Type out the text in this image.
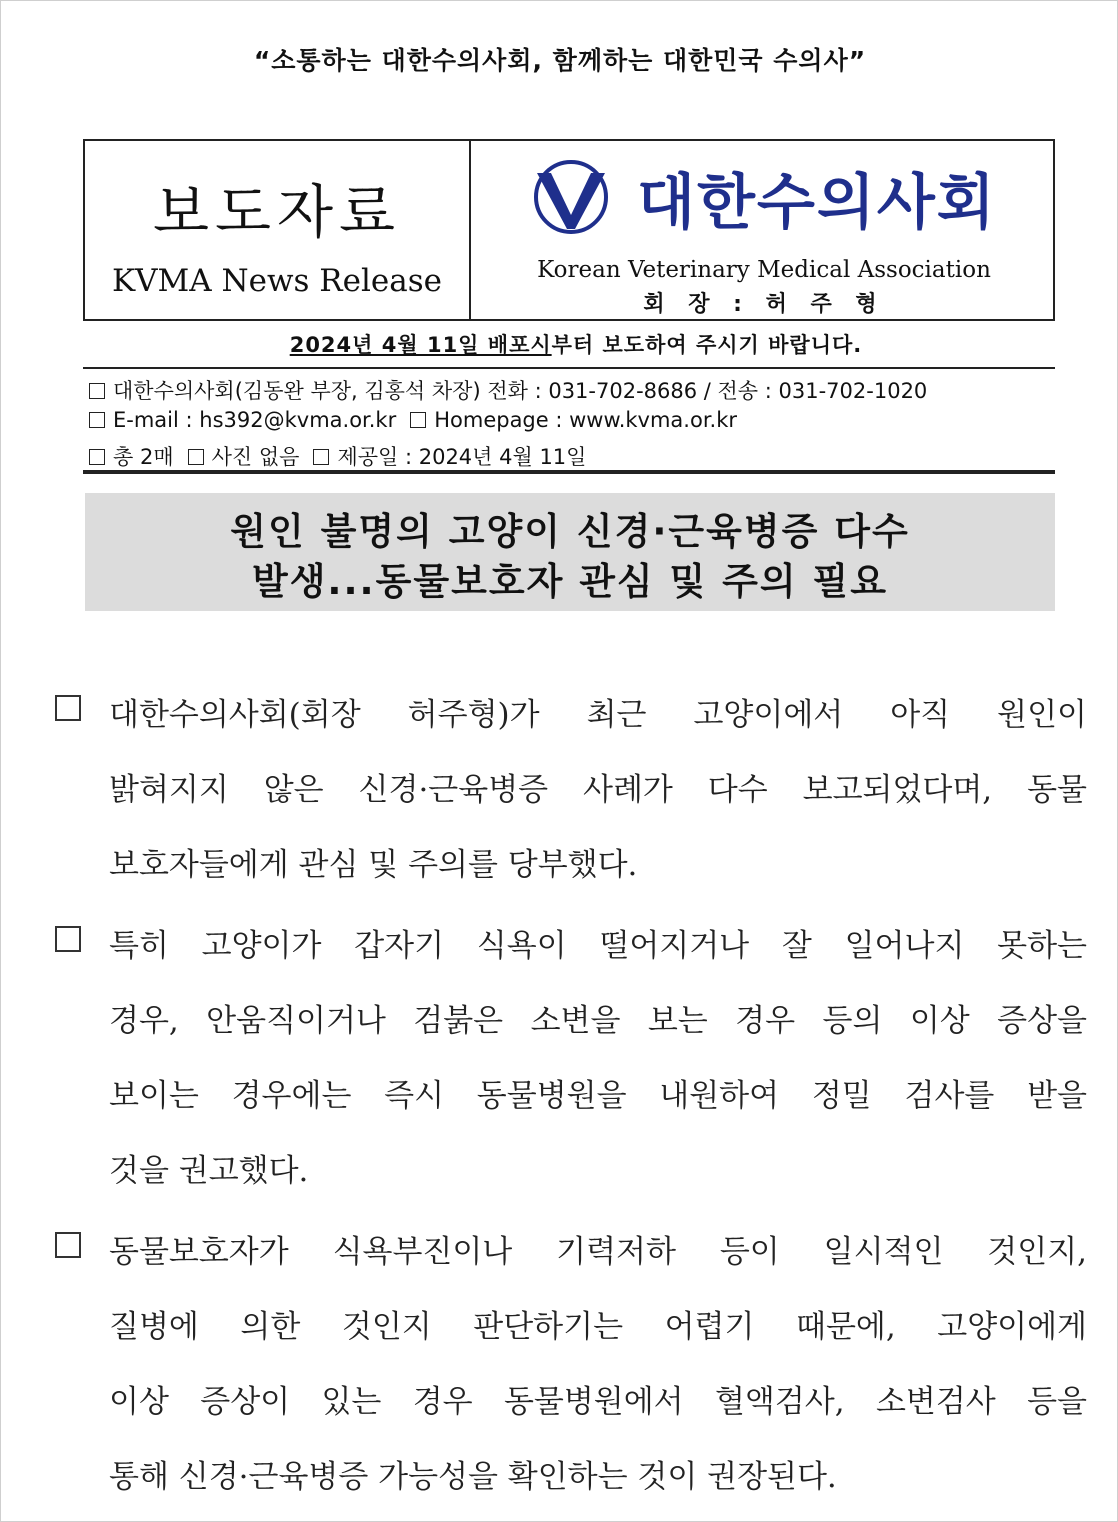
“소통하는 대한수의사회, 함께하는 대한민국 수의사”
보도자료
KVMA News Release
대한수의사회
Korean Veterinary Medical Association
회 장 : 허 주 형
2024년 4월 11일 배포시부터 보도하여 주시기 바랍니다.
대한수의사회(김동완 부장, 김홍석 차장) 전화 : 031-702-8686 / 전송 : 031-702-1020
E-mail : hs392@kvma.or.kr Homepage : www.kvma.or.kr
총 2매 사진 없음 제공일 : 2024년 4월 11일
원인 불명의 고양이 신경·근육병증 다수
발생...동물보호자 관심 및 주의 필요
대한수의사회(회장 허주형)가 최근 고양이에서 아직 원인이
밝혀지지 않은 신경·근육병증 사례가 다수 보고되었다며, 동물
보호자들에게 관심 및 주의를 당부했다.
특히 고양이가 갑자기 식욕이 떨어지거나 잘 일어나지 못하는
경우, 안움직이거나 검붉은 소변을 보는 경우 등의 이상 증상을
보이는 경우에는 즉시 동물병원을 내원하여 정밀 검사를 받을
것을 권고했다.
동물보호자가 식욕부진이나 기력저하 등이 일시적인 것인지,
질병에 의한 것인지 판단하기는 어렵기 때문에, 고양이에게
이상 증상이 있는 경우 동물병원에서 혈액검사, 소변검사 등을
통해 신경·근육병증 가능성을 확인하는 것이 권장된다.
